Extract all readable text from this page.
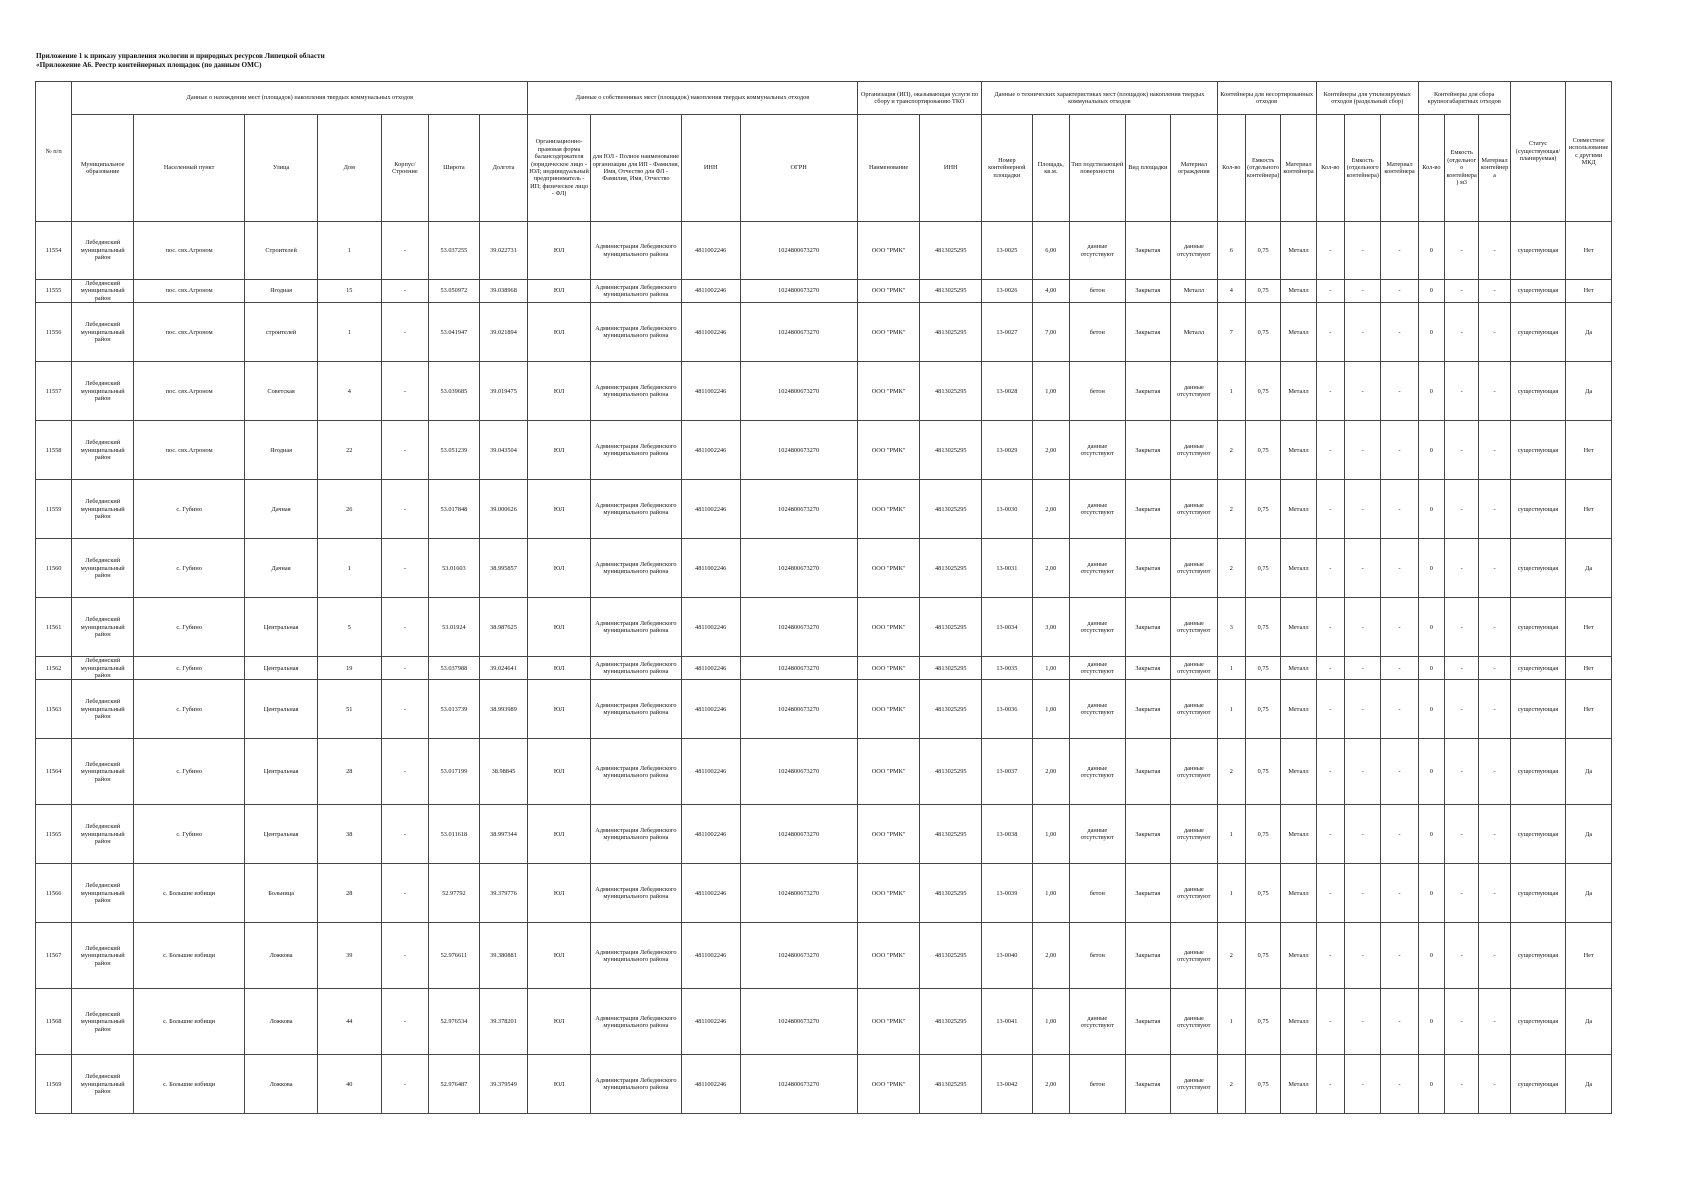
Приложение 1 к приказу управления экологии и природных ресурсов Липецкой области
«Приложение А6. Реестр контейнерных площадок (по данным ОМС)
№ п/п	Данные о нахождении мест (площадок) накопления твердых коммунальных отходов							Данные о собственниках мест (площадок) накопления твердых коммунальных отходов				Организация (ИП), оказывающая услуги по сбору и транспортированию ТКО		Данные о технических характеристиках мест (площадок) накопления твердых коммунальных отходов					Контейнеры для несортированных отходов			Контейнеры для утилизируемых отходов (раздельный сбор)			Контейнеры для сбора крупногабаритных отходов			Статус (существующая/ планируемая)	Совместное использование с другими МКД
	Муниципальное образование	Населенный пункт	Улица	Дом	Корпус/Строение	Широта	Долгота	Организационно-правовая форма балансодержателя (юридическое лицо - ЮЛ; индивидуальный предприниматель - ИП; физическое лицо - ФЛ)	для ЮЛ - Полное наименование организации для ИП - Фамилия, Имя, Отчество для ФЛ - Фамилия, Имя, Отчество	ИНН	ОГРН	Наименование	ИНН	Номер контейнерной площадки	Площадь, кв.м.	Тип подстилающей поверхности	Вид площадки	Материал ограждения	Кол-во	Емкость (отдельного контейнера)	Материал контейнера	Кол-во	Емкость (отдельного контейнера)	Материал контейнера	Кол-во	Емкость (отдельного контейнера) м3	Материал контейнера		
11554	Лебедянский муниципальный район	пос. свх.Агроном	Строителей	1	-	53.037255	39.022731	ЮЛ	Администрация Лебедянского муниципального района	4811002246	1024800673270	ООО "РМК"	4813025295	13-0025	6,00	данные отсутствуют	Закрытая	данные отсутствуют	6	0,75	Металл	-	-	-	0	-	-	существующая	Нет
11555	Лебедянский муниципальный район	пос. свх.Агроном	Ягодная	15	-	53.050972	39.038968	ЮЛ	Администрация Лебедянского муниципального района	4811002246	1024800673270	ООО "РМК"	4813025295	13-0026	4,00	бетон	Закрытая	Металл	4	0,75	Металл	-	-	-	0	-	-	существующая	Нет
11556	Лебедянский муниципальный район	пос. свх.Агроном	строителей	1	-	53.041947	39.021894	ЮЛ	Администрация Лебедянского муниципального района	4811002246	1024800673270	ООО "РМК"	4813025295	13-0027	7,00	бетон	Закрытая	Металл	7	0,75	Металл	-	-	-	0	-	-	существующая	Да
11557	Лебедянский муниципальный район	пос. свх.Агроном	Советская	4	-	53.039685	39.019475	ЮЛ	Администрация Лебедянского муниципального района	4811002246	1024800673270	ООО "РМК"	4813025295	13-0028	1,00	бетон	Закрытая	данные отсутствуют	1	0,75	Металл	-	-	-	0	-	-	существующая	Да
11558	Лебедянский муниципальный район	пос. свх.Агроном	Ягодная	22	-	53.051239	39.043504	ЮЛ	Администрация Лебедянского муниципального района	4811002246	1024800673270	ООО "РМК"	4813025295	13-0029	2,00	данные отсутствуют	Закрытая	данные отсутствуют	2	0,75	Металл	-	-	-	0	-	-	существующая	Нет
11559	Лебедянский муниципальный район	с. Губино	Дачная	26	-	53.017848	39.000626	ЮЛ	Администрация Лебедянского муниципального района	4811002246	1024800673270	ООО "РМК"	4813025295	13-0030	2,00	данные отсутствуют	Закрытая	данные отсутствуют	2	0,75	Металл	-	-	-	0	-	-	существующая	Нет
11560	Лебедянский муниципальный район	с. Губино	Дачная	1	-	53.01603	38.995857	ЮЛ	Администрация Лебедянского муниципального района	4811002246	1024800673270	ООО "РМК"	4813025295	13-0031	2,00	данные отсутствуют	Закрытая	данные отсутствуют	2	0,75	Металл	-	-	-	0	-	-	существующая	Да
11561	Лебедянский муниципальный район	с. Губино	Центральная	5	-	53.01924	38.987625	ЮЛ	Администрация Лебедянского муниципального района	4811002246	1024800673270	ООО "РМК"	4813025295	13-0034	3,00	данные отсутствуют	Закрытая	данные отсутствуют	3	0,75	Металл	-	-	-	0	-	-	существующая	Нет
11562	Лебедянский муниципальный район	с. Губино	Центральная	19	-	53.037988	39.024641	ЮЛ	Администрация Лебедянского муниципального района	4811002246	1024800673270	ООО "РМК"	4813025295	13-0035	1,00	данные отсутствуют	Закрытая	данные отсутствуют	1	0,75	Металл	-	-	-	0	-	-	существующая	Нет
11563	Лебедянский муниципальный район	с. Губино	Центральная	51	-	53.013739	38.993989	ЮЛ	Администрация Лебедянского муниципального района	4811002246	1024800673270	ООО "РМК"	4813025295	13-0036	1,00	данные отсутствуют	Закрытая	данные отсутствуют	1	0,75	Металл	-	-	-	0	-	-	существующая	Нет
11564	Лебедянский муниципальный район	с. Губино	Центральная	28	-	53.017199	38.98845	ЮЛ	Администрация Лебедянского муниципального района	4811002246	1024800673270	ООО "РМК"	4813025295	13-0037	2,00	данные отсутствуют	Закрытая	данные отсутствуют	2	0,75	Металл	-	-	-	0	-	-	существующая	Да
11565	Лебедянский муниципальный район	с. Губино	Центральная	38	-	53.011618	38.997344	ЮЛ	Администрация Лебедянского муниципального района	4811002246	1024800673270	ООО "РМК"	4813025295	13-0038	1,00	данные отсутствуют	Закрытая	данные отсутствуют	1	0,75	Металл	-	-	-	0	-	-	существующая	Да
11566	Лебедянский муниципальный район	с. Большие избищи	Больница	28	-	52.97792	39.379776	ЮЛ	Администрация Лебедянского муниципального района	4811002246	1024800673270	ООО "РМК"	4813025295	13-0039	1,00	бетон	Закрытая	данные отсутствуют	1	0,75	Металл	-	-	-	0	-	-	существующая	Да
11567	Лебедянский муниципальный район	с. Большие избищи	Ложкова	39	-	52.976611	39.380881	ЮЛ	Администрация Лебедянского муниципального района	4811002246	1024800673270	ООО "РМК"	4813025295	13-0040	2,00	бетон	Закрытая	данные отсутствуют	2	0,75	Металл	-	-	-	0	-	-	существующая	Нет
11568	Лебедянский муниципальный район	с. Большие избищи	Ложкова	44	-	52.976534	39.378201	ЮЛ	Администрация Лебедянского муниципального района	4811002246	1024800673270	ООО "РМК"	4813025295	13-0041	1,00	данные отсутствуют	Закрытая	данные отсутствуют	1	0,75	Металл	-	-	-	0	-	-	существующая	Да
11569	Лебедянский муниципальный район	с. Большие избищи	Ложкова	40	-	52.976487	39.379549	ЮЛ	Администрация Лебедянского муниципального района	4811002246	1024800673270	ООО "РМК"	4813025295	13-0042	2,00	бетон	Закрытая	данные отсутствуют	2	0,75	Металл	-	-	-	0	-	-	существующая	Да
